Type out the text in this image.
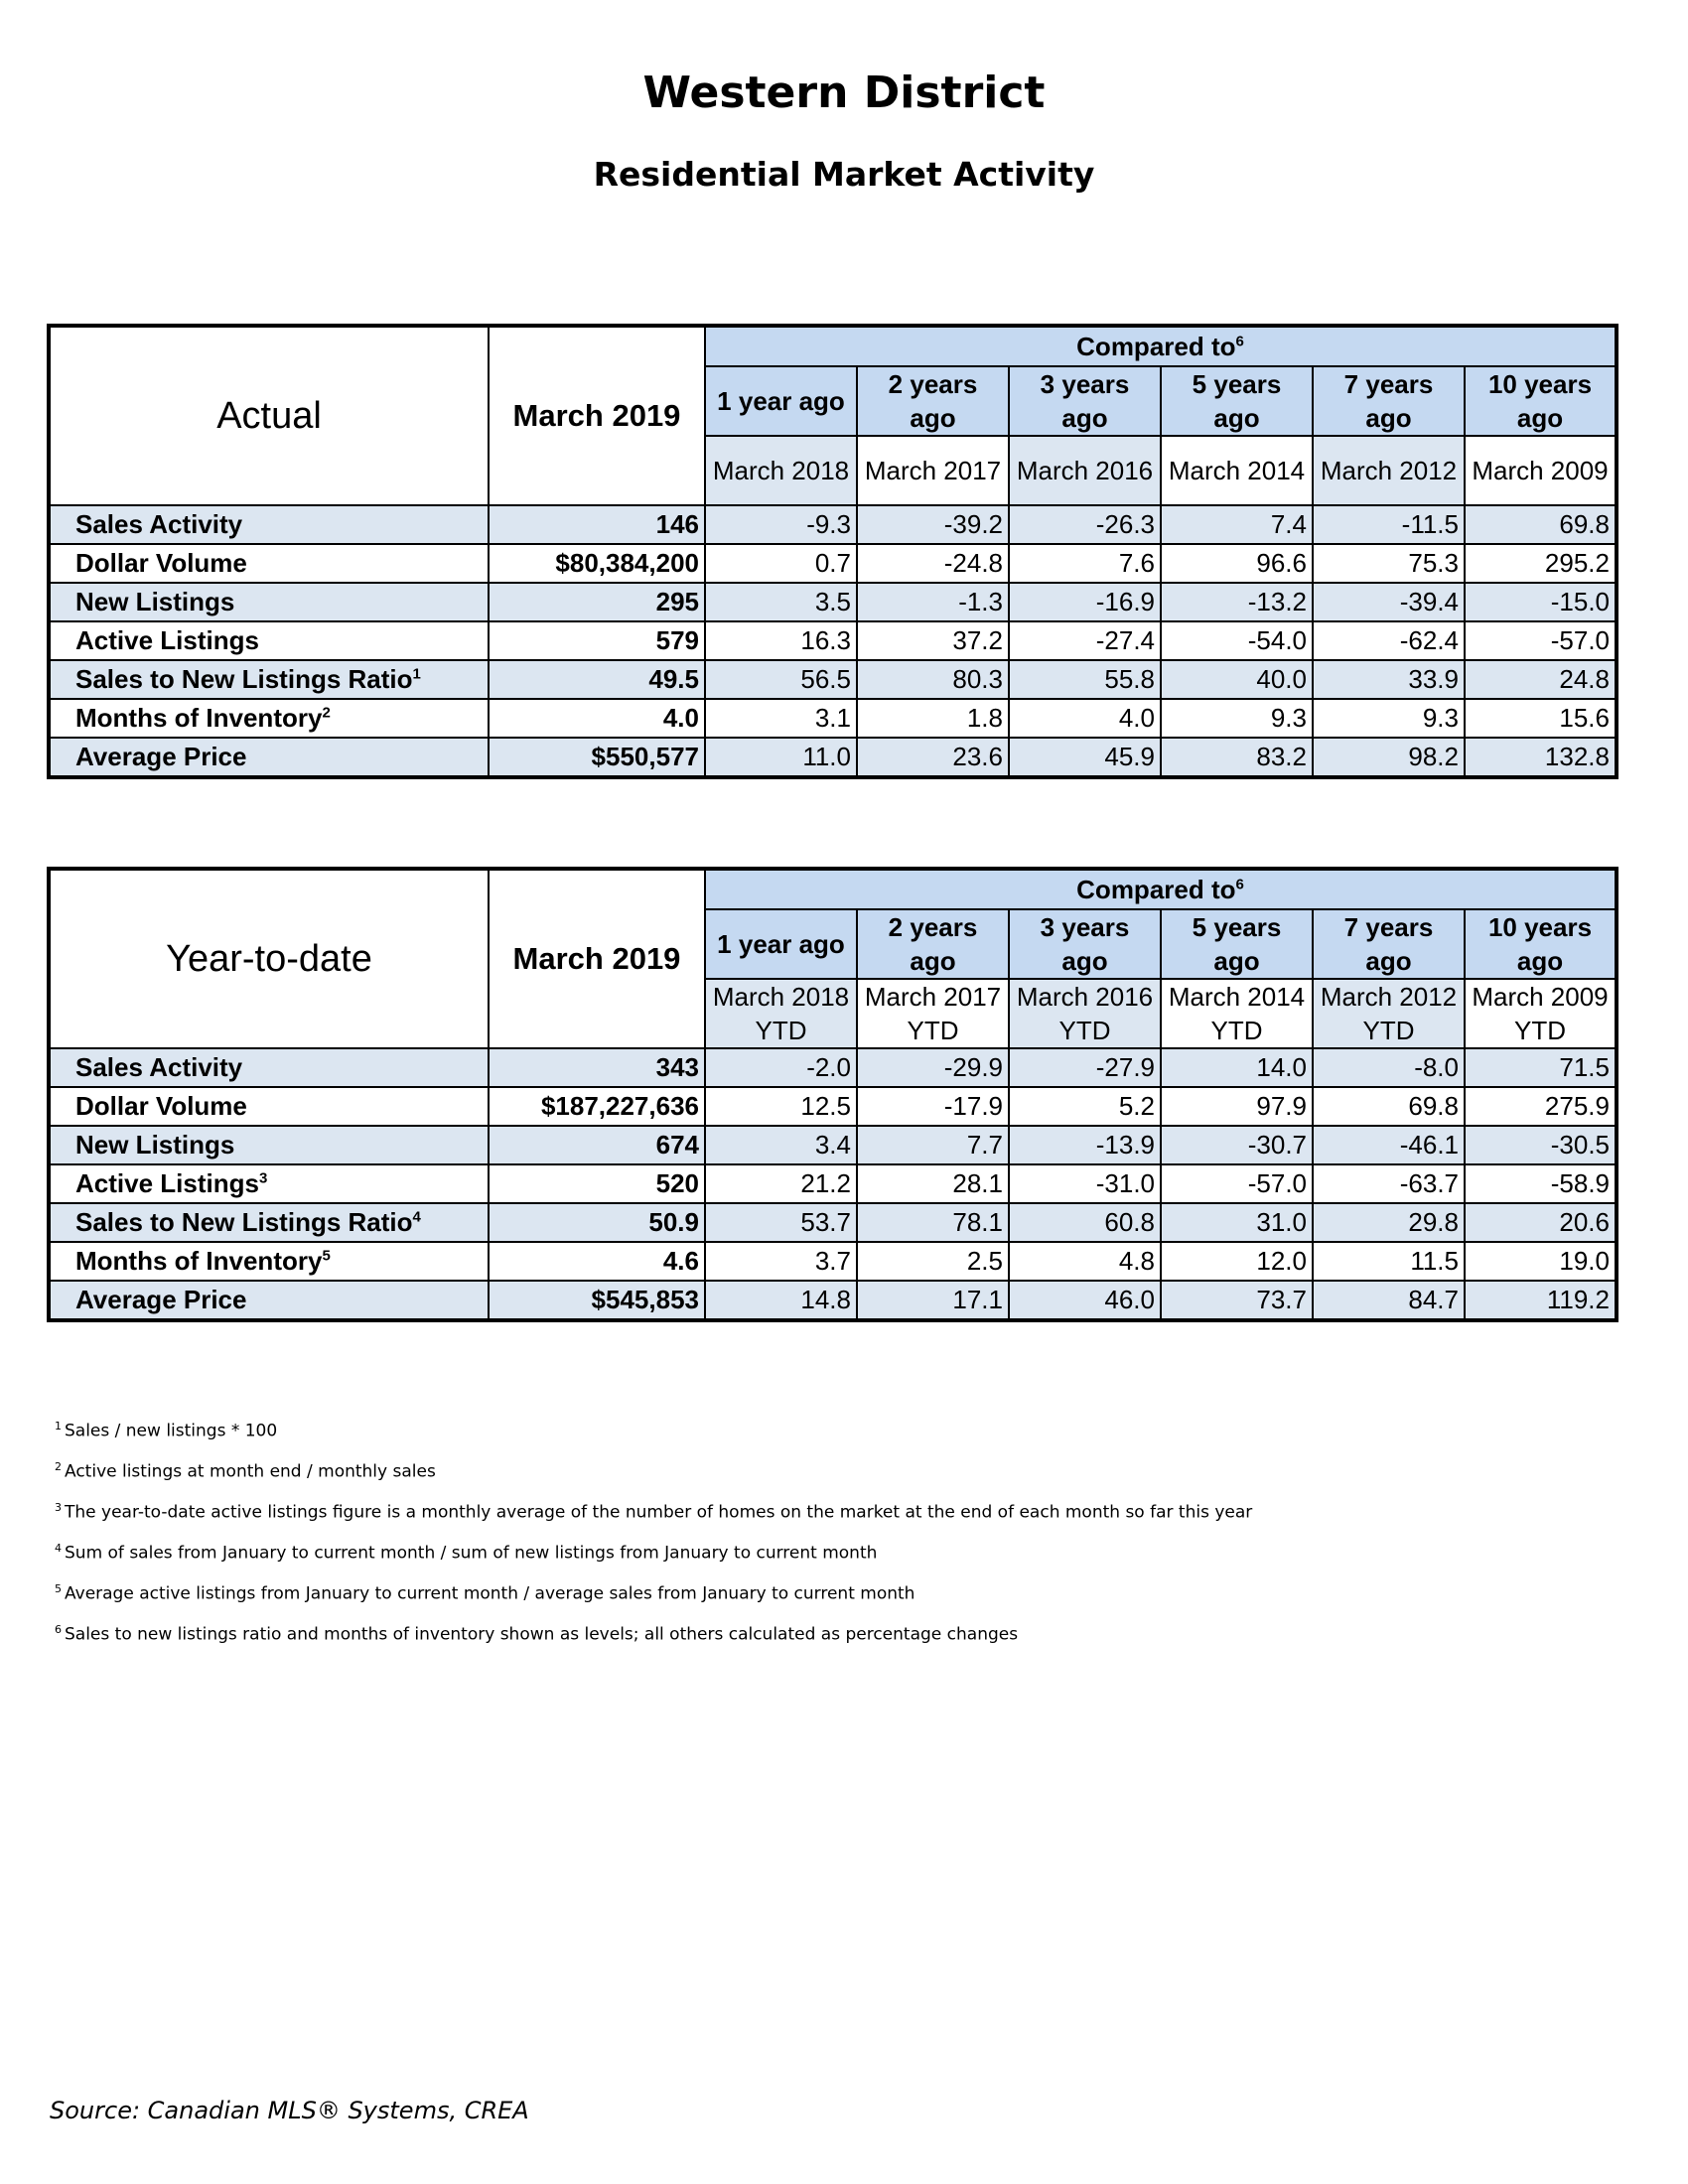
Western District
Residential Market Activity
Actual	March 2019	Compared $to^6$
		1 year ago	2 years ago	3 years ago	5 years ago	7 years ago	10 years ago
		March 2018	March 2017	March 2016	March 2014	March 2012	March 2009
Sales Activity	146	-9.3	-39.2	-26.3	7.4	-11.5	69.8
Dollar Volume	$80,384,200	0.7	-24.8	7.6	96.6	75.3	295.2
New Listings	295	3.5	-1.3	-16.9	-13.2	-39.4	-15.0
Active Listings	579	16.3	37.2	-27.4	-54.0	-62.4	-57.0
Sales to New Listings Ratio$^1$	49.5	56.5	80.3	55.8	40.0	33.9	24.8
Months of Inventory$^2$	4.0	3.1	1.8	4.0	9.3	9.3	15.6
Average Price	$550,577	11.0	23.6	45.9	83.2	98.2	132.8
Year-to-date	March 2019	Compared $to^6$
		1 year ago	2 years ago	3 years ago	5 years ago	7 years ago	10 years ago
		March 2018 YTD	March 2017 YTD	March 2016 YTD	March 2014 YTD	March 2012 YTD	March 2009 YTD
Sales Activity	343	-2.0	-29.9	-27.9	14.0	-8.0	71.5
Dollar Volume	$187,227,636	12.5	-17.9	5.2	97.9	69.8	275.9
New Listings	674	3.4	7.7	-13.9	-30.7	-46.1	-30.5
Active Listings$^3$	520	21.2	28.1	-31.0	-57.0	-63.7	-58.9
Sales to New Listings Ratio$^4$	50.9	53.7	78.1	60.8	31.0	29.8	20.6
Months of Inventory$^5$	4.6	3.7	2.5	4.8	12.0	11.5	19.0
Average Price	$545,853	14.8	17.1	46.0	73.7	84.7	119.2
$^1$ Sales / new listings * 100
$^2$ Active listings at month end / monthly sales
$^3$ The year-to-date active listings figure is a monthly average of the number of homes on the market at the end of each month so far this year
$^4$ Sum of sales from January to current month / sum of new listings from January to current month
$^5$ Average active listings from January to current month / average sales from January to current month
$^6$ Sales to new listings ratio and months of inventory shown as levels; all others calculated as percentage changes
Source: Canadian MLS® Systems, CREA
